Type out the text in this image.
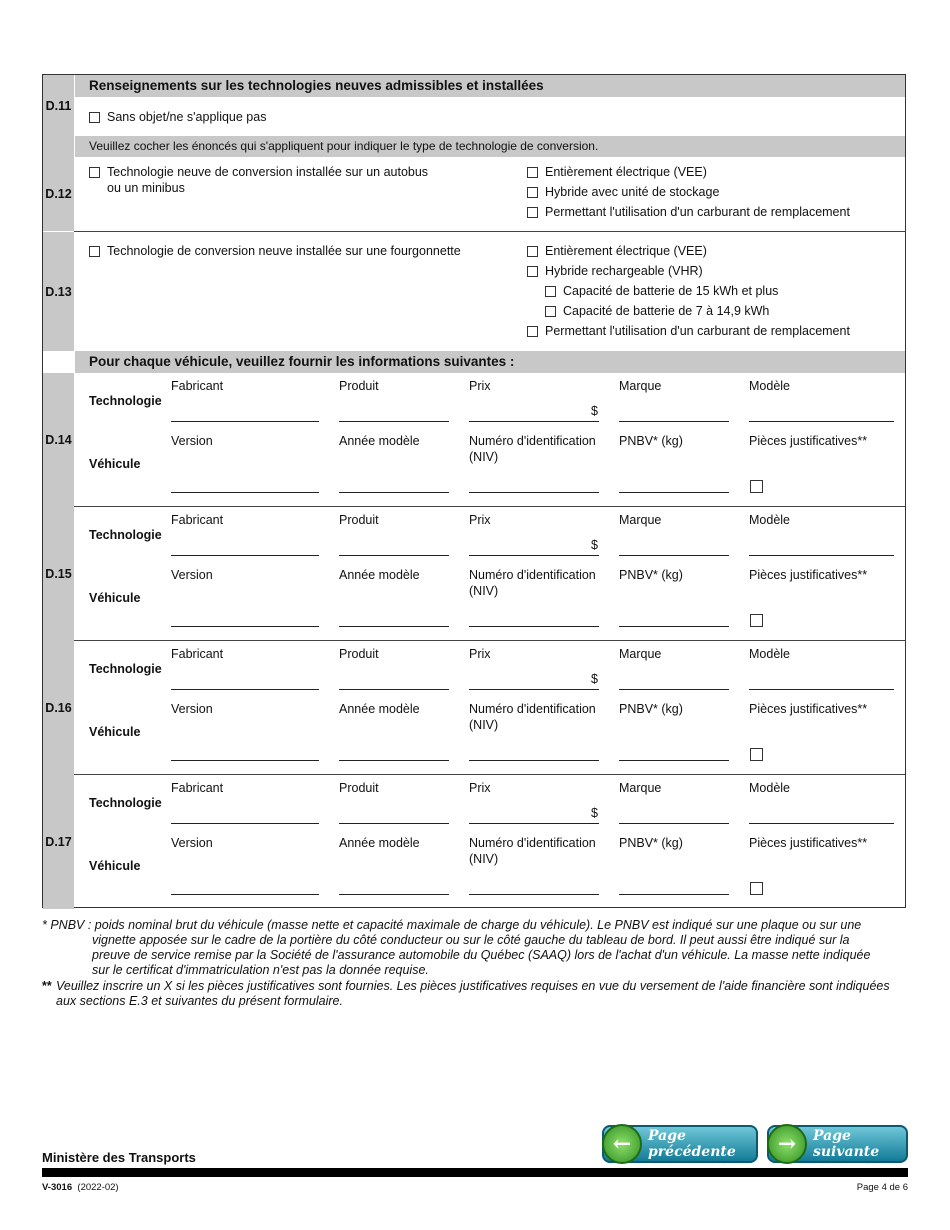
Renseignements sur les technologies neuves admissibles et installées
D.11
Sans objet/ne s'applique pas
Veuillez cocher les énoncés qui s'appliquent pour indiquer le type de technologie de conversion.
D.12
Technologie neuve de conversion installée sur un autobus
ou un minibus
Entièrement électrique (VEE)
Hybride avec unité de stockage
Permettant l'utilisation d'un carburant de remplacement
D.13
Technologie de conversion neuve installée sur une fourgonnette	Entièrement électrique (VEE)
Hybride rechargeable (VHR)
Capacité de batterie de 15 kWh et plus
Capacité de batterie de 7 à 14,9 kWh
Permettant l'utilisation d'un carburant de remplacement
Pour chaque véhicule, veuillez fournir les informations suivantes :
D.14
Technologie
Véhicule
Fabricant	Produit	Prix	Marque	Modèle
$
Version	Année modèle	Numéro d'identification PNBV* (kg)	Pièces justificatives**
(NIV)
D.15
Technologie
Véhicule
Fabricant	Produit	Prix	Marque	Modèle
$
Version	Année modèle	Numéro d'identification PNBV* (kg)	Pièces justificatives**
(NIV)
D.16
Technologie
Véhicule
Fabricant	Produit	Prix	Marque	Modèle
$
Version	Année modèle	Numéro d'identification PNBV* (kg)	Pièces justificatives**
(NIV)
D.17
Technologie
Véhicule
Fabricant	Produit	Prix	Marque	Modèle
$
Version	Année modèle	Numéro d'identification PNBV* (kg)	Pièces justificatives**
(NIV)
* PNBV : poids nominal brut du véhicule (masse nette et capacité maximale de charge du véhicule). Le PNBV est indiqué sur une plaque ou sur une
vignette apposée sur le cadre de la portière du côté conducteur ou sur le côté gauche du tableau de bord. Il peut aussi être indiqué sur la
preuve de service remise par la Société de l'assurance automobile du Québec (SAAQ) lors de l'achat d'un véhicule. La masse nette indiquée
sur le certificat d'immatriculation n'est pas la donnée requise.
** Veuillez inscrire un X si les pièces justificatives sont fournies. Les pièces justificatives requises en vue du versement de l'aide financière sont indiquées
aux sections E.3 et suivantes du présent formulaire.
←	Page précédente	→	Page suivante
Ministère des Transports
V-3016 (2022-02)	Page 4 de 6
